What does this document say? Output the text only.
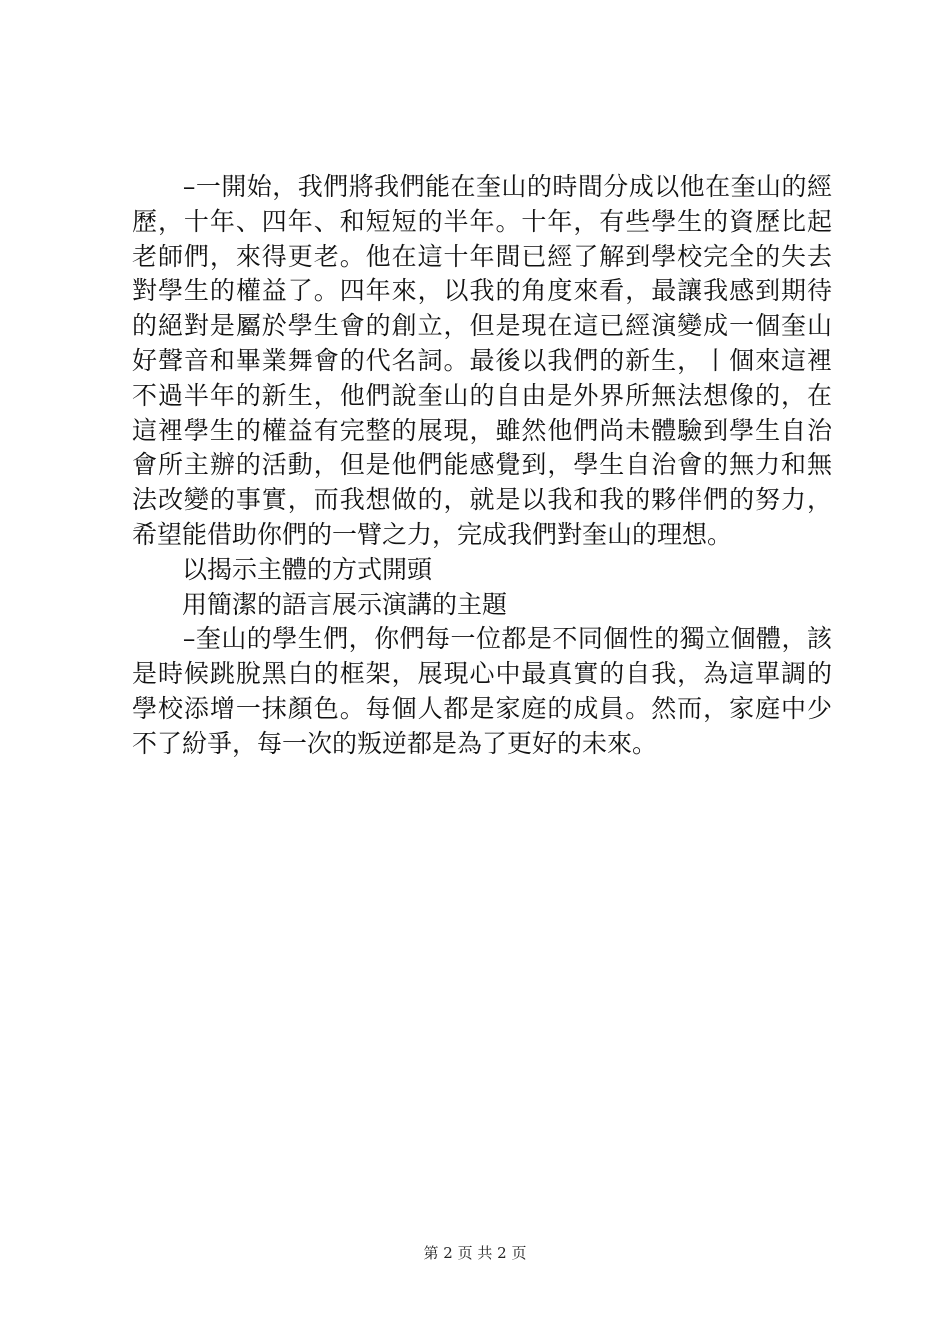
　　–一開始，我們將我們能在奎山的時間分成以他在奎山的經
歷，十年、四年、和短短的半年。十年，有些學生的資歷比起
老師們，來得更老。他在這十年間已經了解到學校完全的失去
對學生的權益了。四年來，以我的角度來看，最讓我感到期待
的絕對是屬於學生會的創立，但是現在這已經演變成一個奎山
好聲音和畢業舞會的代名詞。最後以我們的新生，丨個來這裡
不過半年的新生，他們說奎山的自由是外界所無法想像的，在
這裡學生的權益有完整的展現，雖然他們尚未體驗到學生自治
會所主辦的活動，但是他們能感覺到，學生自治會的無力和無
法改變的事實，而我想做的，就是以我和我的夥伴們的努力，
希望能借助你們的一臂之力，完成我們對奎山的理想。
　　以揭示主體的方式開頭
　　用簡潔的語言展示演講的主題
　　–奎山的學生們，你們每一位都是不同個性的獨立個體，該
是時候跳脫黑白的框架，展現心中最真實的自我，為這單調的
學校添增一抹顏色。每個人都是家庭的成員。然而，家庭中少
不了紛爭，每一次的叛逆都是為了更好的未來。
第 2 页 共 2 页
